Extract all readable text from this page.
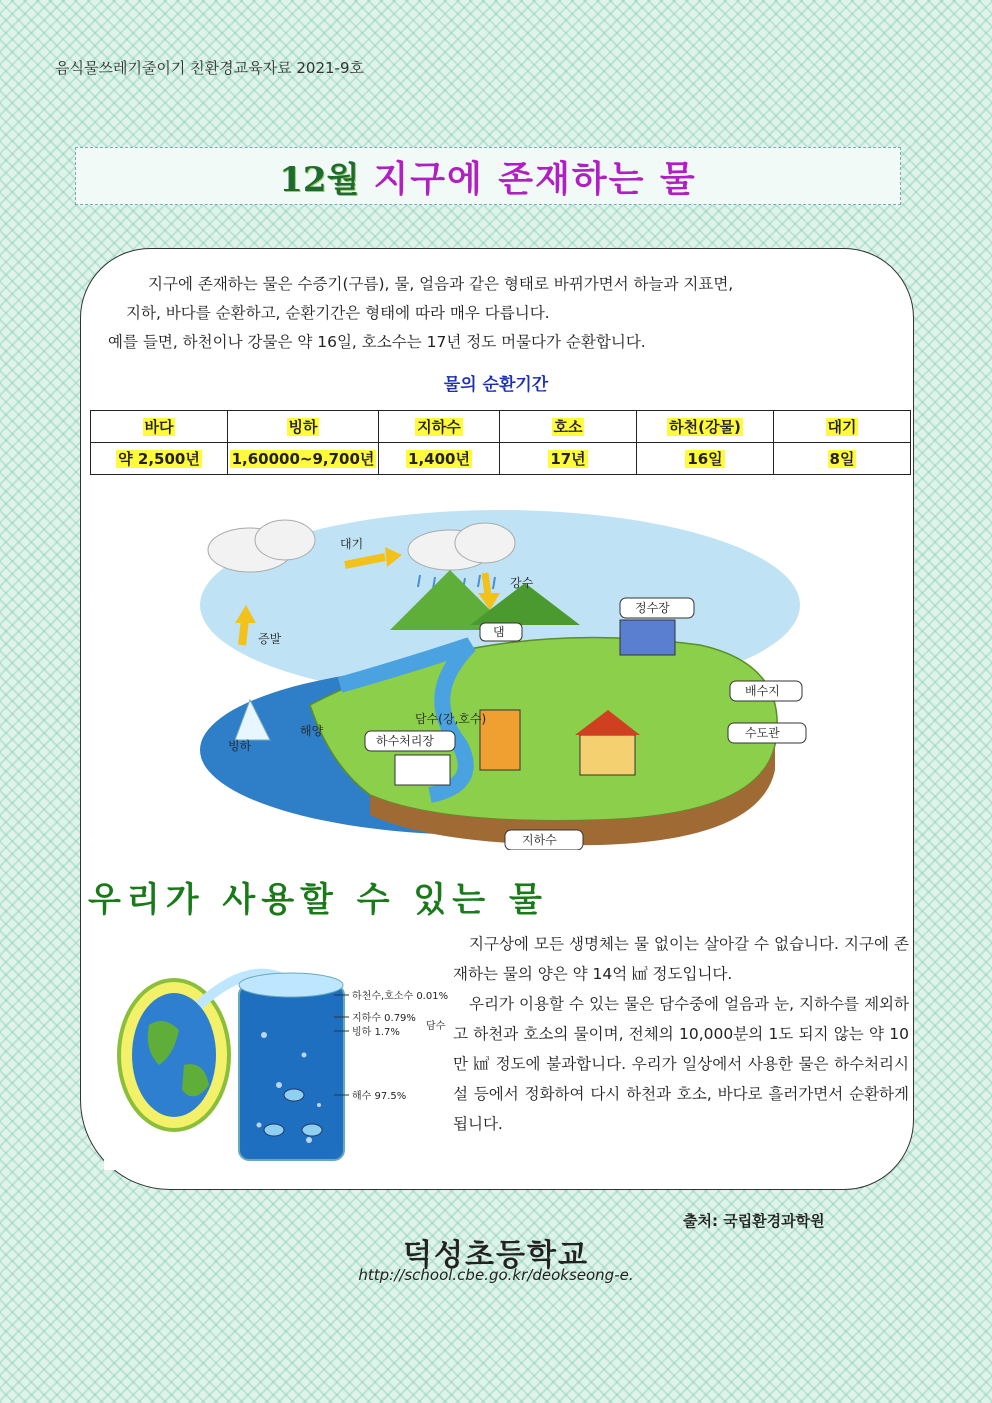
음식물쓰레기줄이기 친환경교육자료 2021-9호
12월 지구에 존재하는 물

지구에 존재하는 물은 수증기(구름), 물, 얼음과 같은 형태로 바뀌가면서 하늘과 지표면,

지하, 바다를 순환하고, 순환기간은 형태에 따라 매우 다릅니다.

예를 들면, 하천이나 강물은 약 16일, 호소수는 17년 정도 머물다가 순환합니다.

물의 순환기간
바다	빙하	지하수	호소	하천(강물)	대기
약 2,500년	1,60000~9,700년	1,400년	17년	16일	8일
대기
강수
증발	댐
정수장
배수지
수도관
담수(강,호수)
하수처리장
해양
빙하
지하수
우리가 사용할 수 있는 물

지구상에 모든 생명체는 물 없이는 살아갈 수 없습니다. 지구에 존재하는 물의 양은 약 14억 ㎦ 정도입니다.

우리가 이용할 수 있는 물은 담수중에 얼음과 눈, 지하수를 제외하고 하천과 호소의 물이며, 전체의 10,000분의 1도 되지 않는 약 10만 ㎦ 정도에 불과합니다. 우리가 일상에서 사용한 물은 하수처리시설 등에서 정화하여 다시 하천과 호소, 바다로 흘러가면서 순환하게 됩니다.

하천수,호소수 0.01%
지하수 0.79%
빙하 1.7%
담수
해수 97.5%
출처: 국립환경과학원
덕성초등학교
http://school.cbe.go.kr/deokseong-e.
